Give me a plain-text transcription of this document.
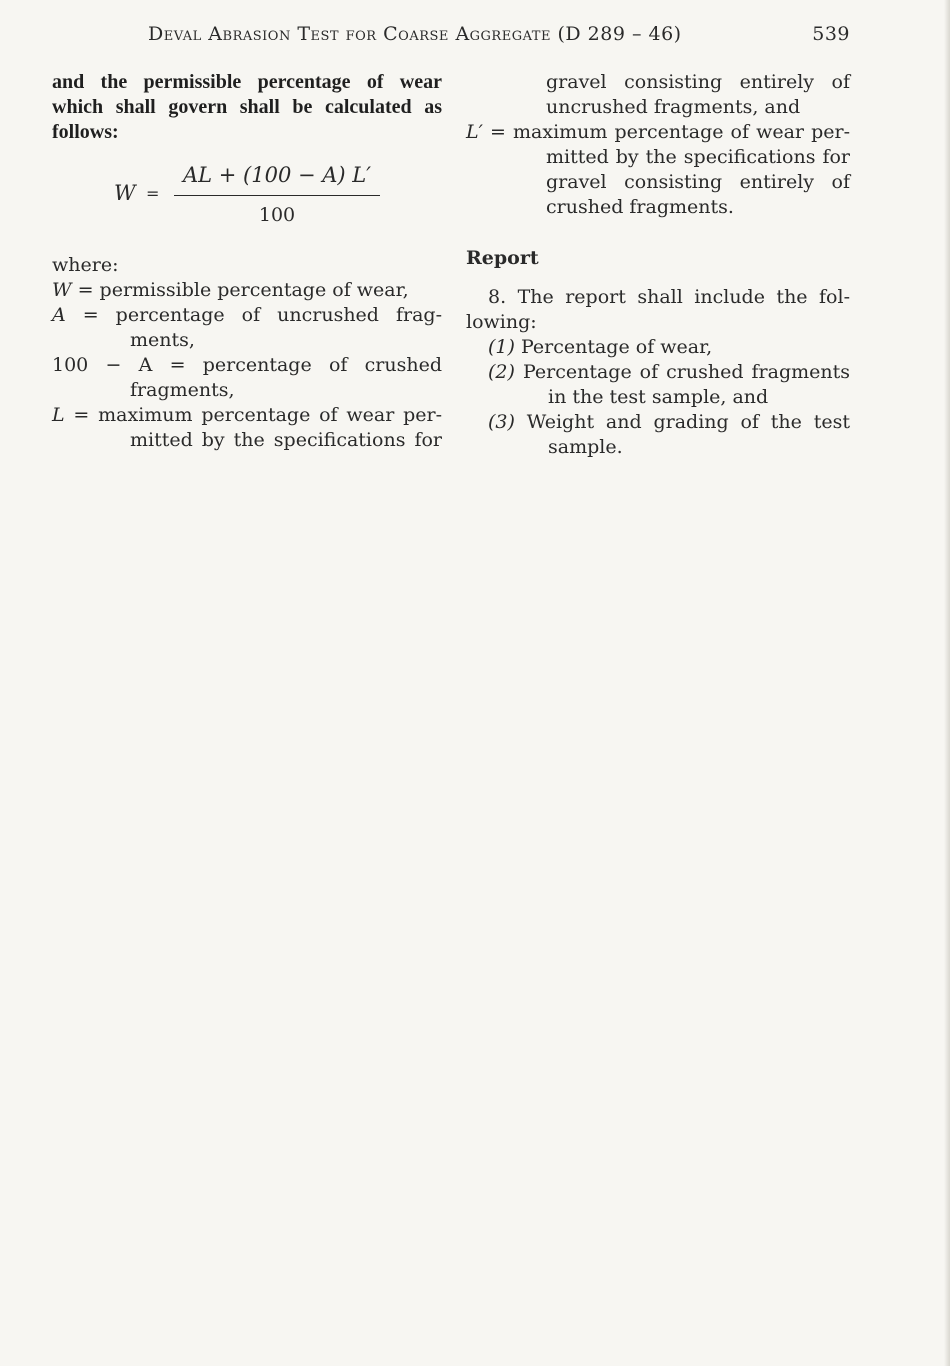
Deval Abrasion Test for Coarse Aggregate (D 289 – 46)	539
and the permissible percentage of wear
which shall govern shall be calculated as
follows:
W =
AL + (100 − A) L′
100
where:
W = permissible percentage of wear,
A = percentage of uncrushed frag-
ments,
100 − A = percentage of crushed
fragments,
L = maximum percentage of wear per-
mitted by the specifications for
gravel consisting entirely of
uncrushed fragments, and
L′ = maximum percentage of wear per-
mitted by the specifications for
gravel consisting entirely of
crushed fragments.
Report
8. The report shall include the fol-
lowing:
(1) Percentage of wear,
(2) Percentage of crushed fragments
in the test sample, and
(3) Weight and grading of the test
sample.
